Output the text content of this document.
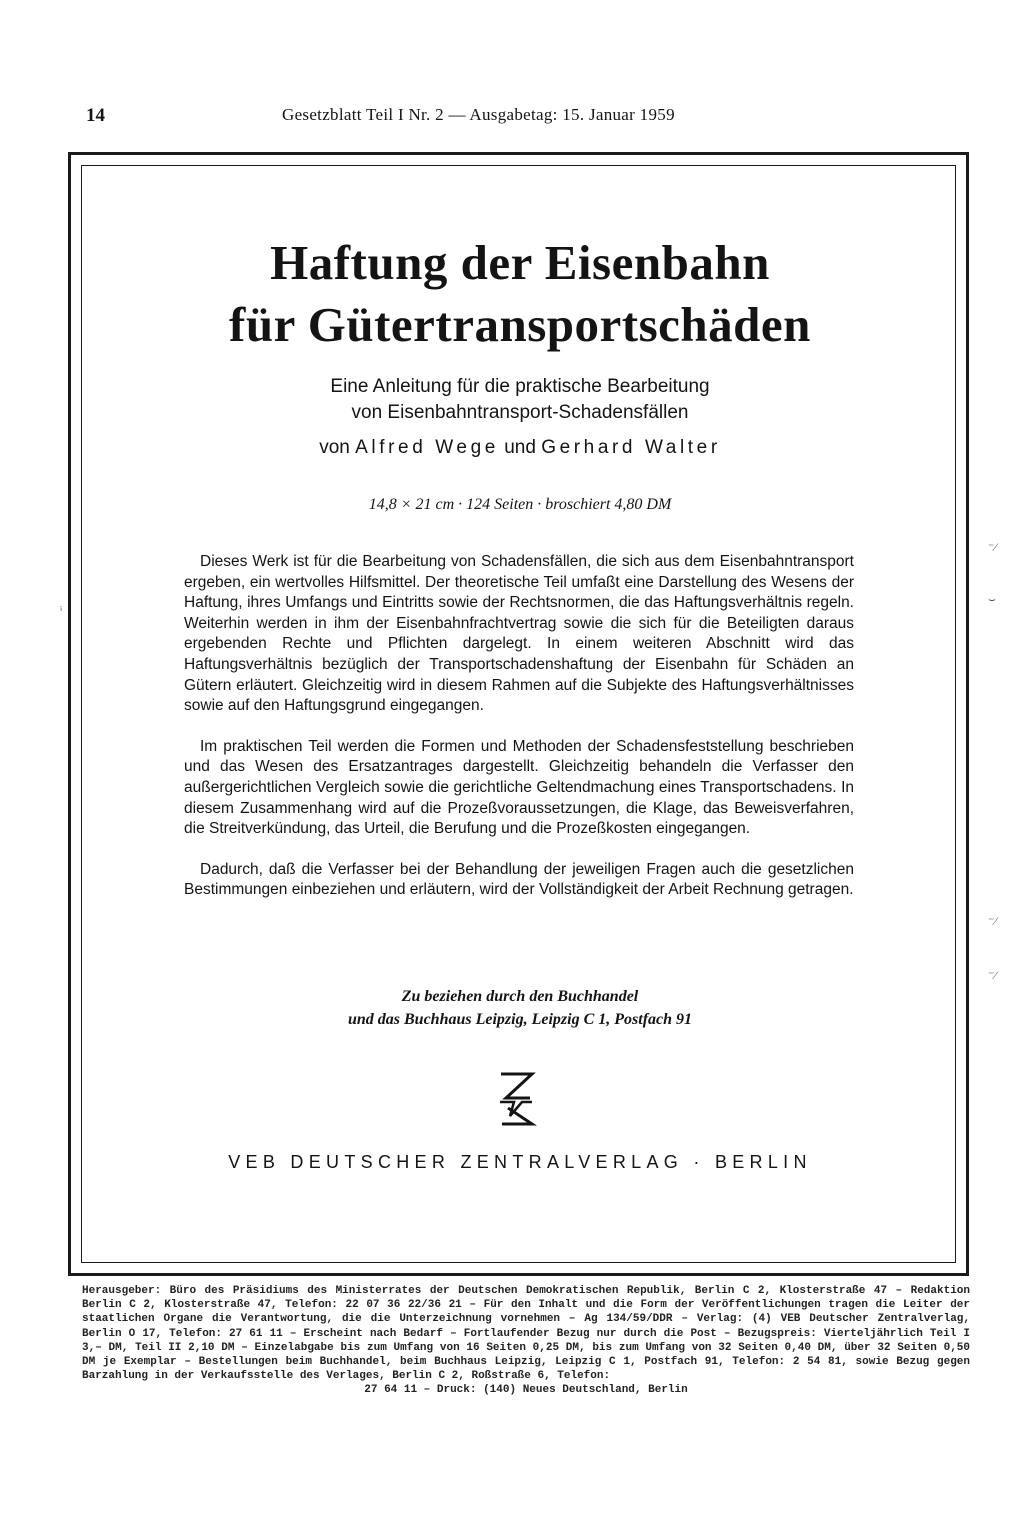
14	Gesetzblatt Teil I Nr. 2 — Ausgabetag: 15. Januar 1959
Haftung der Eisenbahn
für Gütertransportschäden
Eine Anleitung für die praktische Bearbeitung
von Eisenbahntransport-Schadensfällen
von Alfred Wege und Gerhard Walter
14,8 × 21 cm · 124 Seiten · broschiert 4,80 DM

Dieses Werk ist für die Bearbeitung von Schadensfällen, die sich aus dem Eisenbahntransport ergeben, ein wertvolles Hilfsmittel. Der theoretische Teil umfaßt eine Darstellung des Wesens der Haftung, ihres Umfangs und Eintritts sowie der Rechtsnormen, die das Haftungsverhältnis regeln. Weiterhin werden in ihm der Eisenbahnfrachtvertrag sowie die sich für die Beteiligten daraus ergebenden Rechte und Pflichten dargelegt. In einem weiteren Abschnitt wird das Haftungsverhältnis bezüglich der Transportschadenshaftung der Eisenbahn für Schäden an Gütern erläutert. Gleichzeitig wird in diesem Rahmen auf die Subjekte des Haftungsverhältnisses sowie auf den Haftungsgrund eingegangen.

Im praktischen Teil werden die Formen und Methoden der Schadensfeststellung beschrieben und das Wesen des Ersatzantrages dargestellt. Gleichzeitig behandeln die Verfasser den außergerichtlichen Vergleich sowie die gerichtliche Geltendmachung eines Transportschadens. In diesem Zusammenhang wird auf die Prozeßvoraussetzungen, die Klage, das Beweisverfahren, die Streitverkündung, das Urteil, die Berufung und die Prozeßkosten eingegangen.

Dadurch, daß die Verfasser bei der Behandlung der jeweiligen Fragen auch die gesetzlichen Bestimmungen einbeziehen und erläutern, wird der Vollständigkeit der Arbeit Rechnung getragen.

Zu beziehen durch den Buchhandel
und das Buchhaus Leipzig, Leipzig C 1, Postfach 91
VEB DEUTSCHER ZENTRALVERLAG · BERLIN
Herausgeber: Büro des Präsidiums des Ministerrates der Deutschen Demokratischen Republik, Berlin C 2, Klosterstraße 47 – Redaktion Berlin C 2, Klosterstraße 47, Telefon: 22 07 36 22/36 21 – Für den Inhalt und die Form der Veröffentlichungen tragen die Leiter der staatlichen Organe die Verantwortung, die die Unterzeichnung vornehmen – Ag 134/59/DDR – Verlag: (4) VEB Deutscher Zentralverlag, Berlin O 17, Telefon: 27 61 11 – Erscheint nach Bedarf – Fortlaufender Bezug nur durch die Post – Bezugspreis: Vierteljährlich Teil I 3,– DM, Teil II 2,10 DM – Einzelabgabe bis zum Umfang von 16 Seiten 0,25 DM, bis zum Umfang von 32 Seiten 0,40 DM, über 32 Seiten 0,50 DM je Exemplar – Bestellungen beim Buchhandel, beim Buchhaus Leipzig, Leipzig C 1, Postfach 91, Telefon: 2 54 81, sowie Bezug gegen Barzahlung in der Verkaufsstelle des Verlages, Berlin C 2, Roßstraße 6, Telefon:
27 64 11 – Druck: (140) Neues Deutschland, Berlin
⁻⁄
ⁱ
⌣
⁻⁄
⁻⁄
